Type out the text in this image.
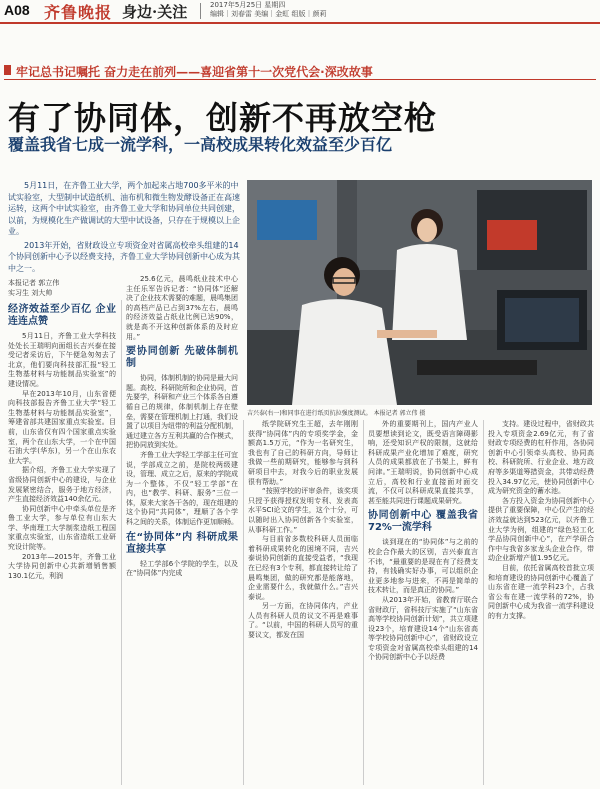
A08 齐鲁晚报 身边·关注	2017年5月25日 星期四
编辑｜刘春雷 美编｜金虹 组版｜颜莉
牢记总书记嘱托 奋力走在前列——喜迎省第十一次党代会·深改故事
有了协同体，创新不再放空枪
覆盖我省七成一流学科，一高校成果转化效益至少百亿

5月11日，在齐鲁工业大学，两个加起来占地700多平米的中试实验室，大型制中试造纸机、油布机和微生物发酵设备正在高速运转，这两个中试实验室，由齐鲁工业大学和协同单位共同创建，以前，为规模化生产做调试的大型中试设备，只存在于规模以上企业。

2013年开始，省财政设立专项资金对省属高校牵头组建的14个协同创新中心予以经费支持，齐鲁工业大学协同创新中心成为其中之一。

本报记者 郭立伟
实习生 刘大帅
吉兴泰(右一)和同事在进行纸页抗拉强度测试。 本报记者 郭立伟 摄
经济效益至少百亿 企业连连点赞

5月11日，齐鲁工业大学科技处处长王瑞明向面组长吉兴泰在接受记者采访后，下午便急匆匆去了北京，他们要向科技部汇报“轻工生物基材料与功能制品实验室”的建设情况。

早在2013年10月，山东省便向科技部报告齐鲁工业大学“轻工生物基材料与功能制品实验室”，筹建省部共建国家重点实验室。目前，山东省仅有四个国家重点实验室，两个在山东大学，一个在中国石油大学(华东)，另一个在山东农业大学。

据介绍，齐鲁工业大学实现了省级协同创新中心的建设，与企业发展紧密结合，服务于地方经济，产生直接经济效益140余亿元。

协同创新中心中牵头单位是齐鲁工业大学，参与单位有山东大学、华南理工大学制浆造纸工程国家重点实验室，山东省造纸工业研究设计院等。

2013年—2015年，齐鲁工业大学协同创新中心共新增销售额130.1亿元，利润

25.6亿元，晨鸣纸业技术中心主任乐军告诉记者：“协同体”还解决了企业技术需要的难题，晨鸣集团的高档产品已占到37%左右，晨鸣的经济效益占纸业比例已达90%，就是高不开这种创新体系的及时应用。”

要协同创新 先破体制机制

协同，体制机制的协同是最大问题。高校、科研院所和企业协同，首先要学，科研和产业三个体系各自遵循自己的规律，体制机制上存在壁垒，需要在管理机制上打通，我们设置了以项目为纽带的利益分配机制，通过建立各方互利共赢的合作模式，把协同放到实处。

齐鲁工业大学轻工学部主任可宜说，学部成立之前，是院校两级建设，管理、成立之后，原来的学院成为一个整体，不仅“轻工学部”在内，也“教学、科研、服务”三位一体，原来大家各干各的，现在组建的这个协同“共同体”，理顺了各个学科之间的关系，体制运作更加顺畅。

在“协同体”内 科研成果直接共享

轻工学部6个学院的学生，以及在“协同体”内完成

纸学院研究生王超，去年刚刚获得“协同体”内的专项奖学金，金额高1.5万元，“作为一名研究生，我也有了自己的科研方向，导师让我做一些前期研究，能够参与到科研项目中去，对我今后的职业发展很有帮助。”

“按照学校的评审条件，该奖项只授予获得授权发明专利、发表高水平SCI论文的学生，这个十分，可以随时出入协同创新各个实验室，从事科研工作。”

与目前省多数校科研人员面临着科研成果转化的困境不同，吉兴泰说协同创新的直接受益者，“我现在已经有3个专利，都直接转让给了晨鸣集团，做的研究都是能落地，企业需要什么，我就做什么。”吉兴泰说。

另一方面，在协同体内，产业人员有科研人员的议文不再是难事了。“以前，中国的科研人员写的重要议文，都发在国

外的重要期刊上，国内产业人员要想读到论文，既受语言障碍影响，还受知识产权的限制，这就给科研成果产业化增加了难度，研究人员的成果都放在了书架上，鲜有问津。”王瑞明说，协同创新中心成立后，高校和行业直接面对面交流，不仅可以科研成果直接共享，甚至能共同进行课题成果研究。

协同创新中心 覆盖我省72%一流学科

谈到现在的“协同体”与之前的校企合作最大的区别，吉兴泰直言不讳，“最重要的是现在有了经费支持，有钱确实好办事，可以组织企业更多地参与进来，不再是简单的技术转让，而是真正的协同。”

从2013年开始，省教育厅联合省财政厅，省科技厅实施了“山东省高等学校协同创新计划”，共立项建设23个，培育建设14个“山东省高等学校协同创新中心”，省财政设立专项资金对省属高校牵头组建的14个协同创新中心予以经费

支持。建设过程中，省财政共投入专项资金2.69亿元，有了省财政专项经费的杠杆作用，各协同创新中心引领牵头高校、协同高校、科研院所、行业企业、地方政府等多渠道筹措资金，共带动经费投入34.97亿元，使协同创新中心成为研究资金的蓄水池。

各方投入资金为协同创新中心提供了重要保障，中心仅产生的经济效益就达到523亿元，以齐鲁工业大学为例，组建的“绿色轻工化学品协同创新中心”，在产学研合作中与我省多家龙头企业合作，带动企业新增产值1.95亿元。

目前，依托省属高校首批立项和培育建设的协同创新中心覆盖了山东省在建一流学科23个，占我省公布在建一流学科的72%，协同创新中心成为我省一流学科建设的有力支撑。
